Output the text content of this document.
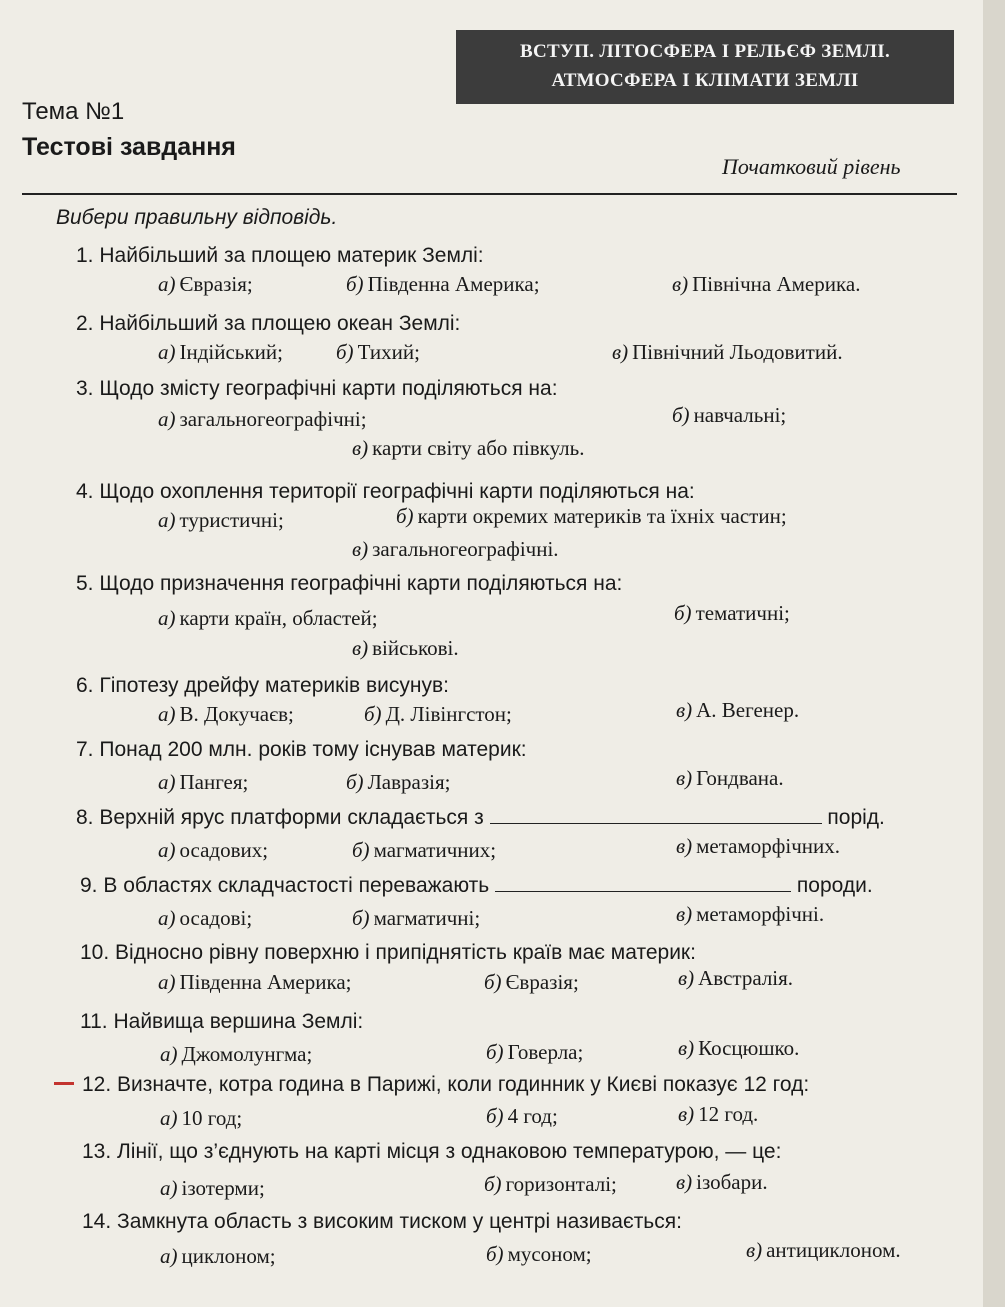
ВСТУП. ЛІТОСФЕРА І РЕЛЬЄФ ЗЕМЛІ.
АТМОСФЕРА І КЛІМАТИ ЗЕМЛІ
Тема №1
Тестові завдання
Початковий рівень
Вибери правильну відповідь.
1. Найбільший за площею материк Землі:
а) Євразія;	б) Південна Америка;	в) Північна Америка.
2. Найбільший за площею океан Землі:
а) Індійський;	б) Тихий;	в) Північний Льодовитий.
3. Щодо змісту географічні карти поділяються на:
а) загальногеографічні;	б) навчальні;
в) карти світу або півкуль.
4. Щодо охоплення території географічні карти поділяються на:
а) туристичні;	б) карти окремих материків та їхніх частин;
в) загальногеографічні.
5. Щодо призначення географічні карти поділяються на:
а) карти країн, областей;	б) тематичні;
в) військові.
6. Гіпотезу дрейфу материків висунув:
а) В. Докучаєв;	б) Д. Лівінгстон;	в) А. Вегенер.
7. Понад 200 млн. років тому існував материк:
а) Пангея;	б) Лавразія;	в) Гондвана.
8. Верхній ярус платформи складається з	порід.
а) осадових;	б) магматичних;	в) метаморфічних.
9. В областях складчастості переважають	породи.
а) осадові;	б) магматичні;	в) метаморфічні.
10. Відносно рівну поверхню і припіднятість країв має материк:
а) Південна Америка;	б) Євразія;	в) Австралія.
11. Найвища вершина Землі:
а) Джомолунгма;	б) Говерла;	в) Косцюшко.
12. Визначте, котра година в Парижі, коли годинник у Києві показує 12 год:
а) 10 год;	б) 4 год;	в) 12 год.
13. Лінії, що з’єднують на карті місця з однаковою температурою, — це:
а) ізотерми;	б) горизонталі;	в) ізобари.
14. Замкнута область з високим тиском у центрі називається:
а) циклоном;	б) мусоном;	в) антициклоном.
